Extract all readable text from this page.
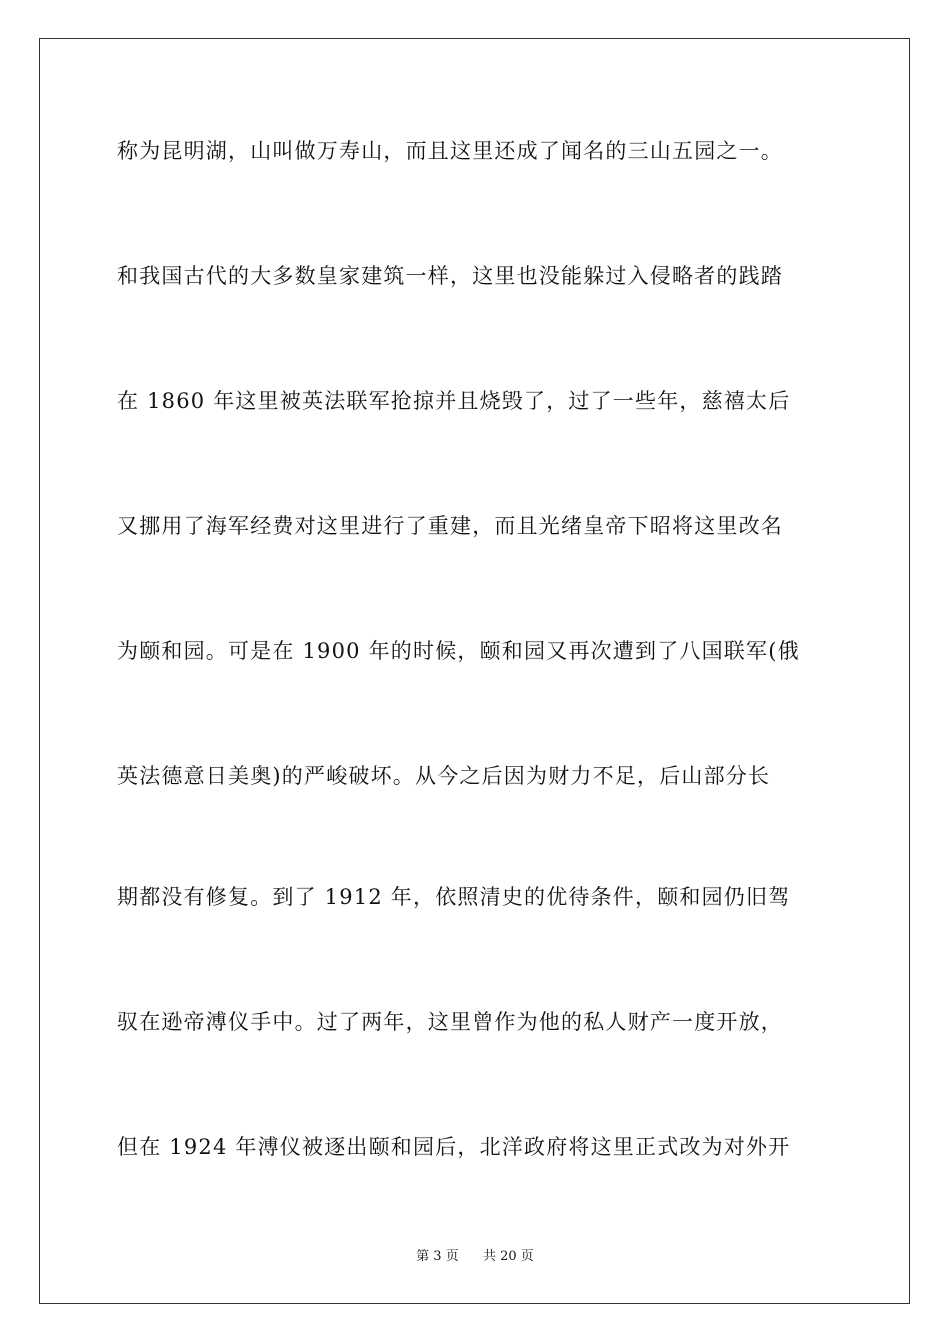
称为昆明湖，山叫做万寿山，而且这里还成了闻名的三山五园之一。
和我国古代的大多数皇家建筑一样，这里也没能躲过入侵略者的践踏
在 1860 年这里被英法联军抢掠并且烧毁了，过了一些年，慈禧太后
又挪用了海军经费对这里进行了重建，而且光绪皇帝下昭将这里改名
为颐和园。可是在 1900 年的时候，颐和园又再次遭到了八国联军(俄
英法德意日美奥)的严峻破坏。从今之后因为财力不足，后山部分长
期都没有修复。到了 1912 年，依照清史的优待条件，颐和园仍旧驾
驭在逊帝溥仪手中。过了两年，这里曾作为他的私人财产一度开放，
但在 1924 年溥仪被逐出颐和园后，北洋政府将这里正式改为对外开
第 3 页 共 20 页
